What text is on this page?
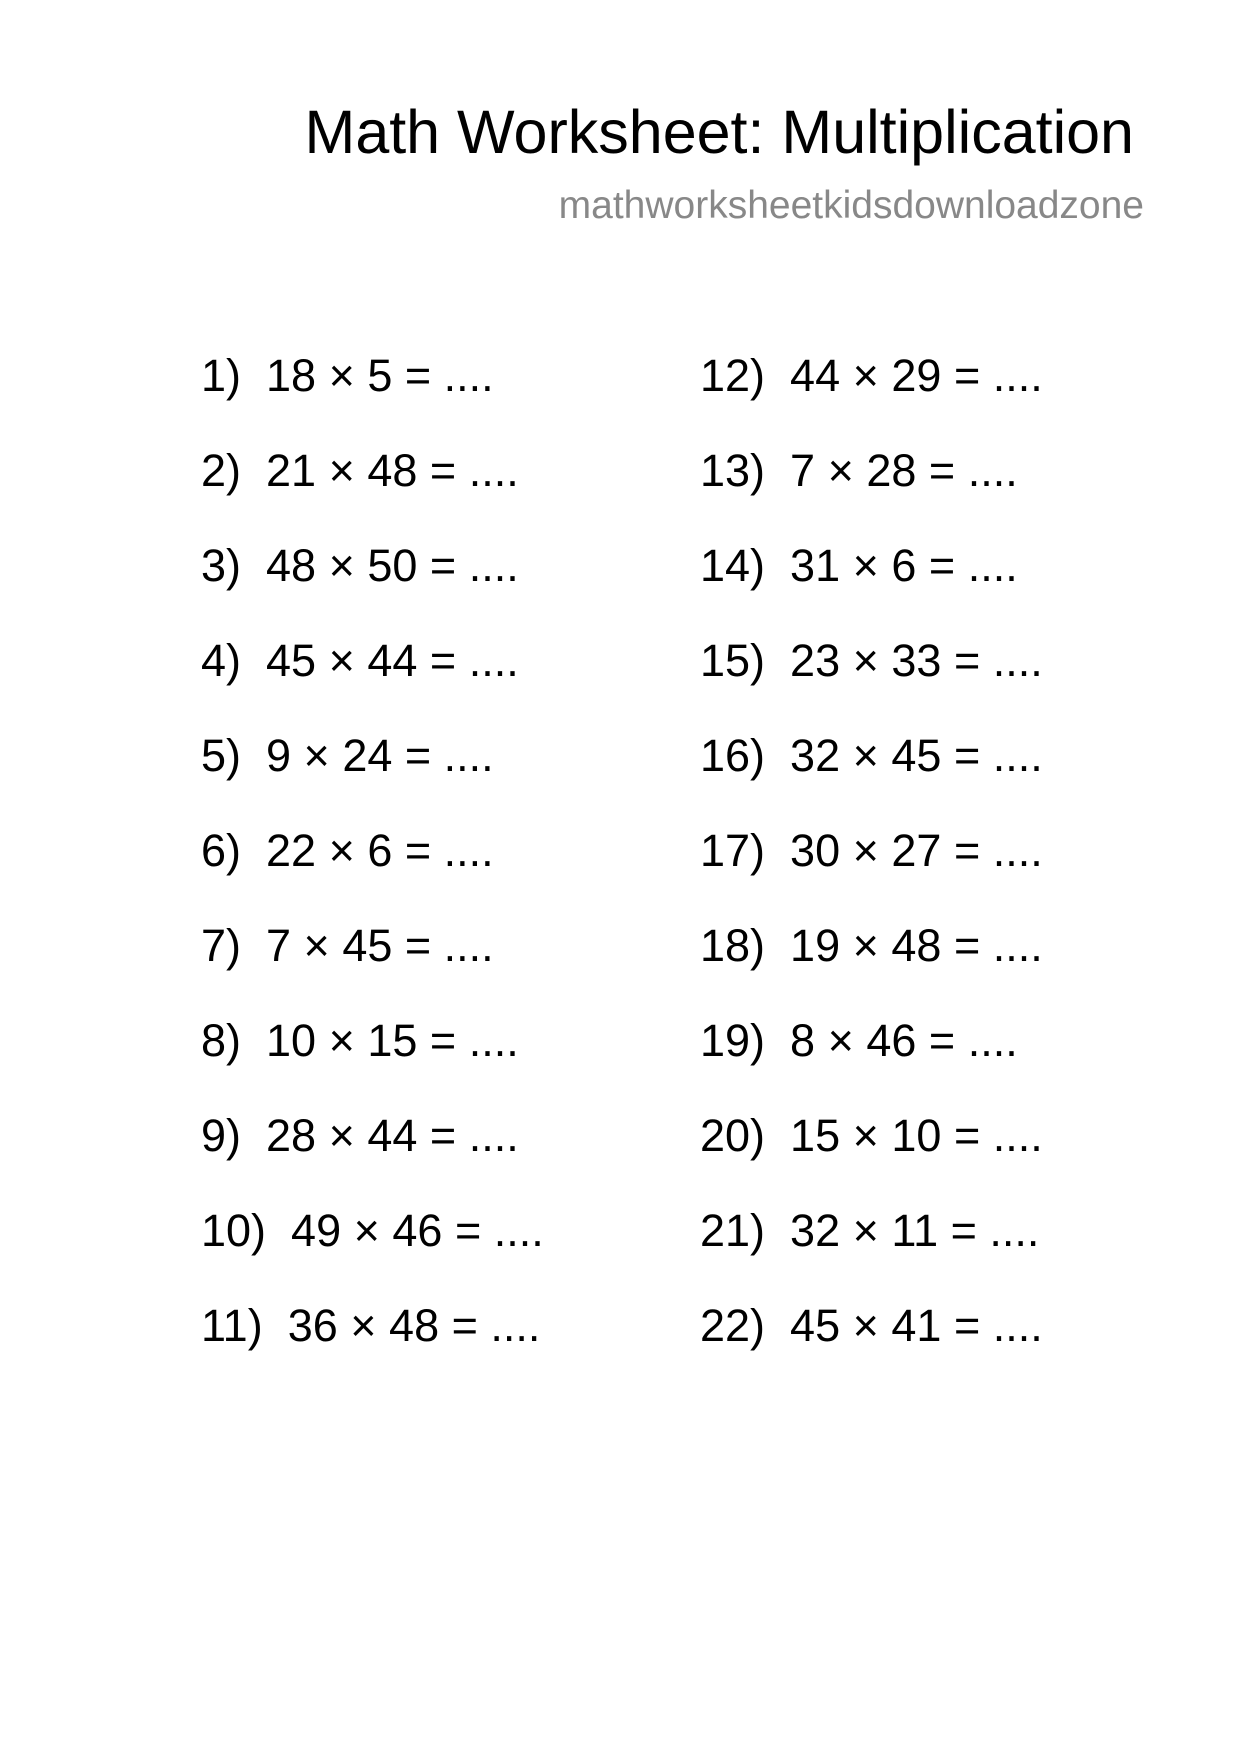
Math Worksheet: Multiplication
mathworksheetkidsdownloadzone
1)  18 × 5 = ....
2)  21 × 48 = ....
3)  48 × 50 = ....
4)  45 × 44 = ....
5)  9 × 24 = ....
6)  22 × 6 = ....
7)  7 × 45 = ....
8)  10 × 15 = ....
9)  28 × 44 = ....
10)  49 × 46 = ....
11)  36 × 48 = ....
12)  44 × 29 = ....
13)  7 × 28 = ....
14)  31 × 6 = ....
15)  23 × 33 = ....
16)  32 × 45 = ....
17)  30 × 27 = ....
18)  19 × 48 = ....
19)  8 × 46 = ....
20)  15 × 10 = ....
21)  32 × 11 = ....
22)  45 × 41 = ....
